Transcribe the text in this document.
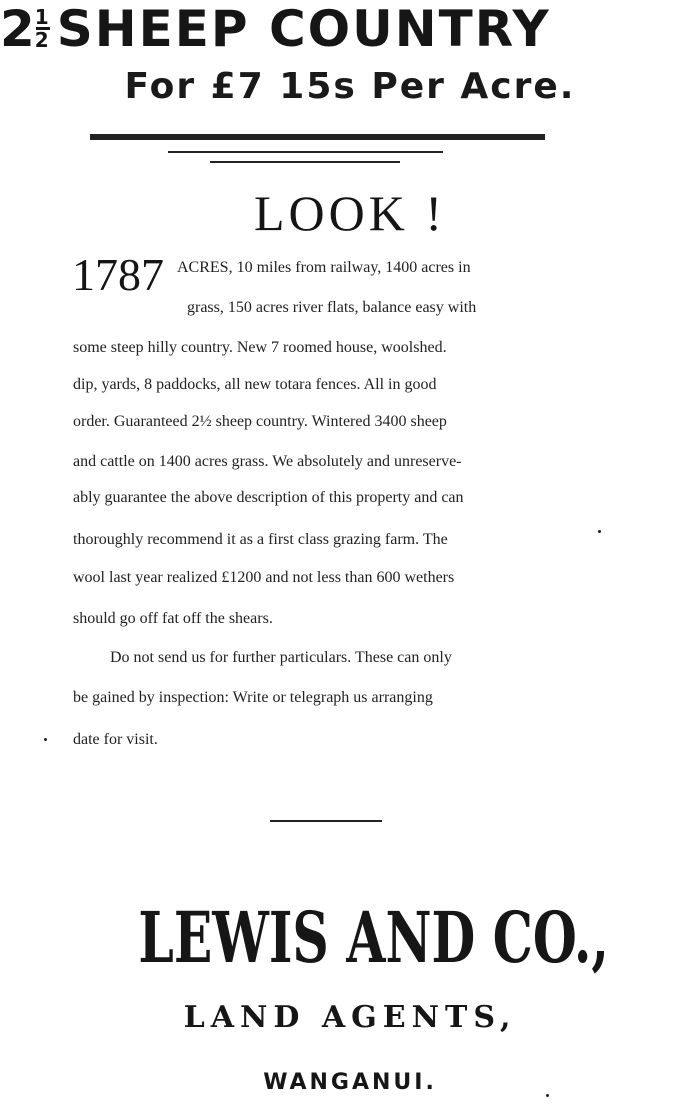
2
$\frac{1}{2}$ SHEEP COUNTRY
For £7 15s Per Acre.
LOOK !
1787 ACRES, 10 miles from railway, 1400 acres in
grass, 150 acres river flats, balance easy with
some steep hilly country. New 7 roomed house, woolshed.
dip, yards, 8 paddocks, all new totara fences. All in good
order. Guaranteed 2½ sheep country. Wintered 3400 sheep
and cattle on 1400 acres grass. We absolutely and unreserve-
ably guarantee the above description of this property and can
thoroughly recommend it as a first class grazing farm. The
wool last year realized £1200 and not less than 600 wethers
should go off fat off the shears.
Do not send us for further particulars. These can only
be gained by inspection: Write or telegraph us arranging
date for visit.
LEWIS AND CO.,
LAND AGENTS,
WANGANUI.
